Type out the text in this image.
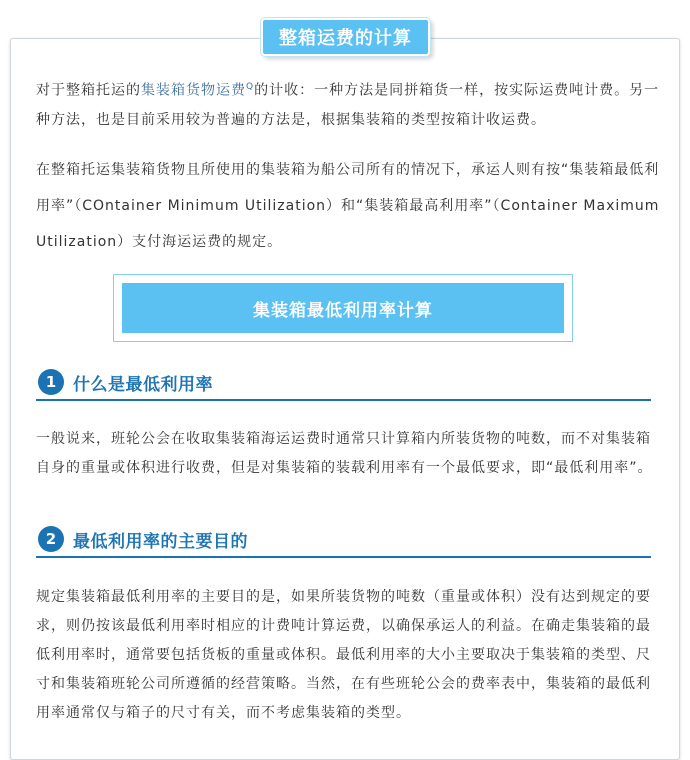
整箱运费的计算

对于整箱托运的集装箱货物运费$^Q$的计收：一种方法是同拼箱货一样，按实际运费吨计费。另一种方法，也是目前采用较为普遍的方法是，根据集装箱的类型按箱计收运费。

在整箱托运集装箱货物且所使用的集装箱为船公司所有的情况下，承运人则有按“集装箱最低利用率”（COntainer Minimum Utilization）和“集装箱最高利用率”（Container Maximum Utilization）支付海运运费的规定。

集装箱最低利用率计算
1 什么是最低利用率

一般说来，班轮公会在收取集装箱海运运费时通常只计算箱内所装货物的吨数，而不对集装箱自身的重量或体积进行收费，但是对集装箱的装载利用率有一个最低要求，即“最低利用率”。

2 最低利用率的主要目的

规定集装箱最低利用率的主要目的是，如果所装货物的吨数（重量或体积）没有达到规定的要求，则仍按该最低利用率时相应的计费吨计算运费，以确保承运人的利益。在确走集装箱的最低利用率时，通常要包括货板的重量或体积。最低利用率的大小主要取决于集装箱的类型、尺寸和集装箱班轮公司所遵循的经营策略。当然，在有些班轮公会的费率表中，集装箱的最低利用率通常仅与箱子的尺寸有关，而不考虑集装箱的类型。
